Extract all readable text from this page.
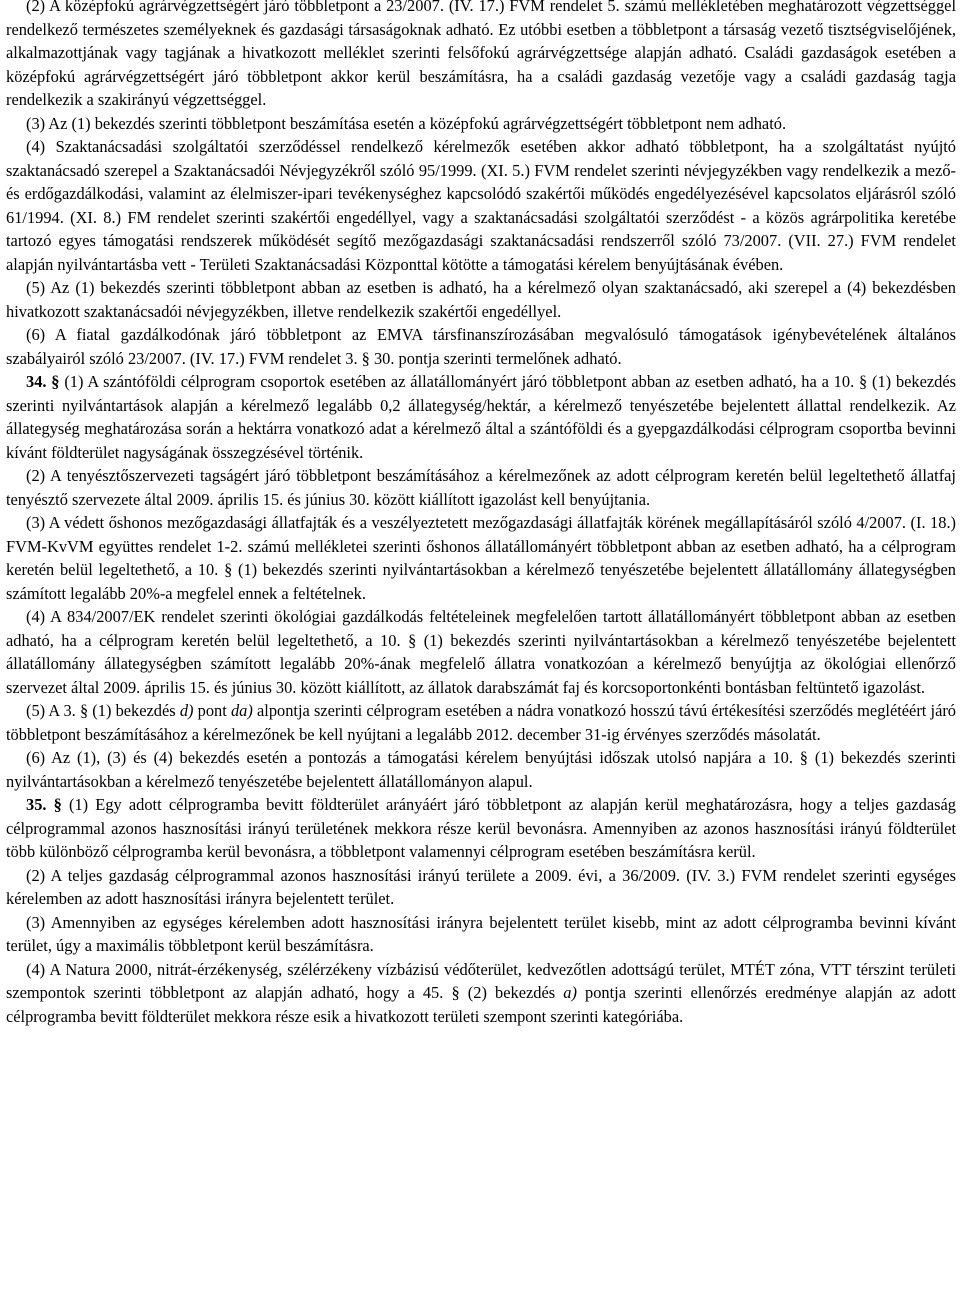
(2) A középfokú agrárvégzettségért járó többletpont a 23/2007. (IV. 17.) FVM rendelet 5. számú mellékletében meghatározott végzettséggel rendelkező természetes személyeknek és gazdasági társaságoknak adható. Ez utóbbi esetben a többletpont a társaság vezető tisztségviselőjének, alkalmazottjának vagy tagjának a hivatkozott melléklet szerinti felsőfokú agrárvégzettsége alapján adható. Családi gazdaságok esetében a középfokú agrárvégzettségért járó többletpont akkor kerül beszámításra, ha a családi gazdaság vezetője vagy a családi gazdaság tagja rendelkezik a szakirányú végzettséggel.

(3) Az (1) bekezdés szerinti többletpont beszámítása esetén a középfokú agrárvégzettségért többletpont nem adható.

(4) Szaktanácsadási szolgáltatói szerződéssel rendelkező kérelmezők esetében akkor adható többletpont, ha a szolgáltatást nyújtó szaktanácsadó szerepel a Szaktanácsadói Névjegyzékről szóló 95/1999. (XI. 5.) FVM rendelet szerinti névjegyzékben vagy rendelkezik a mező- és erdőgazdálkodási, valamint az élelmiszer-ipari tevékenységhez kapcsolódó szakértői működés engedélyezésével kapcsolatos eljárásról szóló 61/1994. (XI. 8.) FM rendelet szerinti szakértői engedéllyel, vagy a szaktanácsadási szolgáltatói szerződést - a közös agrárpolitika keretébe tartozó egyes támogatási rendszerek működését segítő mezőgazdasági szaktanácsadási rendszerről szóló 73/2007. (VII. 27.) FVM rendelet alapján nyilvántartásba vett - Területi Szaktanácsadási Központtal kötötte a támogatási kérelem benyújtásának évében.

(5) Az (1) bekezdés szerinti többletpont abban az esetben is adható, ha a kérelmező olyan szaktanácsadó, aki szerepel a (4) bekezdésben hivatkozott szaktanácsadói névjegyzékben, illetve rendelkezik szakértői engedéllyel.

(6) A fiatal gazdálkodónak járó többletpont az EMVA társfinanszírozásában megvalósuló támogatások igénybevételének általános szabályairól szóló 23/2007. (IV. 17.) FVM rendelet 3. § 30. pontja szerinti termelőnek adható.

34. § (1) A szántóföldi célprogram csoportok esetében az állatállományért járó többletpont abban az esetben adható, ha a 10. § (1) bekezdés szerinti nyilvántartások alapján a kérelmező legalább 0,2 állategység/hektár, a kérelmező tenyészetébe bejelentett állattal rendelkezik. Az állategység meghatározása során a hektárra vonatkozó adat a kérelmező által a szántóföldi és a gyepgazdálkodási célprogram csoportba bevinni kívánt földterület nagyságának összegzésével történik.

(2) A tenyésztőszervezeti tagságért járó többletpont beszámításához a kérelmezőnek az adott célprogram keretén belül legeltethető állatfaj tenyésztő szervezete által 2009. április 15. és június 30. között kiállított igazolást kell benyújtania.

(3) A védett őshonos mezőgazdasági állatfajták és a veszélyeztetett mezőgazdasági állatfajták körének megállapításáról szóló 4/2007. (I. 18.) FVM-KvVM együttes rendelet 1-2. számú mellékletei szerinti őshonos állatállományért többletpont abban az esetben adható, ha a célprogram keretén belül legeltethető, a 10. § (1) bekezdés szerinti nyilvántartásokban a kérelmező tenyészetébe bejelentett állatállomány állategységben számított legalább 20%-a megfelel ennek a feltételnek.

(4) A 834/2007/EK rendelet szerinti ökológiai gazdálkodás feltételeinek megfelelően tartott állatállományért többletpont abban az esetben adható, ha a célprogram keretén belül legeltethető, a 10. § (1) bekezdés szerinti nyilvántartásokban a kérelmező tenyészetébe bejelentett állatállomány állategységben számított legalább 20%-ának megfelelő állatra vonatkozóan a kérelmező benyújtja az ökológiai ellenőrző szervezet által 2009. április 15. és június 30. között kiállított, az állatok darabszámát faj és korcsoportonkénti bontásban feltüntető igazolást.

(5) A 3. § (1) bekezdés d) pont da) alpontja szerinti célprogram esetében a nádra vonatkozó hosszú távú értékesítési szerződés meglétéért járó többletpont beszámításához a kérelmezőnek be kell nyújtani a legalább 2012. december 31-ig érvényes szerződés másolatát.

(6) Az (1), (3) és (4) bekezdés esetén a pontozás a támogatási kérelem benyújtási időszak utolsó napjára a 10. § (1) bekezdés szerinti nyilvántartásokban a kérelmező tenyészetébe bejelentett állatállományon alapul.

35. § (1) Egy adott célprogramba bevitt földterület arányáért járó többletpont az alapján kerül meghatározásra, hogy a teljes gazdaság célprogrammal azonos hasznosítási irányú területének mekkora része kerül bevonásra. Amennyiben az azonos hasznosítási irányú földterület több különböző célprogramba kerül bevonásra, a többletpont valamennyi célprogram esetében beszámításra kerül.

(2) A teljes gazdaság célprogrammal azonos hasznosítási irányú területe a 2009. évi, a 36/2009. (IV. 3.) FVM rendelet szerinti egységes kérelemben az adott hasznosítási irányra bejelentett terület.

(3) Amennyiben az egységes kérelemben adott hasznosítási irányra bejelentett terület kisebb, mint az adott célprogramba bevinni kívánt terület, úgy a maximális többletpont kerül beszámításra.

(4) A Natura 2000, nitrát-érzékenység, szélérzékeny vízbázisú védőterület, kedvezőtlen adottságú terület, MTÉT zóna, VTT térszint területi szempontok szerinti többletpont az alapján adható, hogy a 45. § (2) bekezdés a) pontja szerinti ellenőrzés eredménye alapján az adott célprogramba bevitt földterület mekkora része esik a hivatkozott területi szempont szerinti kategóriába.
